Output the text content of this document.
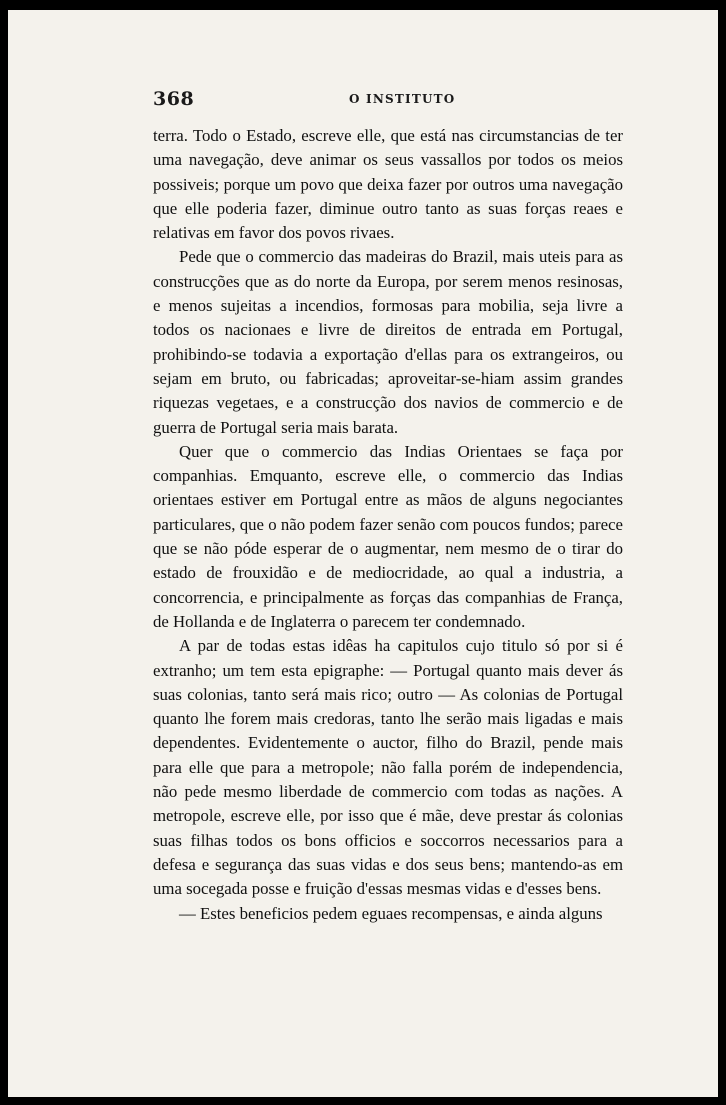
368	O INSTITUTO

terra. Todo o Estado, escreve elle, que está nas circumstancias de ter uma navegação, deve animar os seus vassallos por todos os meios possiveis; porque um povo que deixa fazer por outros uma navegação que elle poderia fazer, diminue outro tanto as suas forças reaes e relativas em favor dos povos rivaes.

Pede que o commercio das madeiras do Brazil, mais uteis para as construcções que as do norte da Europa, por serem menos resinosas, e menos sujeitas a incendios, formosas para mobilia, seja livre a todos os nacionaes e livre de direitos de entrada em Portugal, prohibindo-se todavia a exportação d'ellas para os extrangeiros, ou sejam em bruto, ou fabricadas; aproveitar-se-hiam assim grandes riquezas vegetaes, e a construcção dos navios de commercio e de guerra de Portugal seria mais barata.

Quer que o commercio das Indias Orientaes se faça por companhias. Emquanto, escreve elle, o commercio das Indias orientaes estiver em Portugal entre as mãos de alguns negociantes particulares, que o não podem fazer senão com poucos fundos; parece que se não póde esperar de o augmentar, nem mesmo de o tirar do estado de frouxidão e de mediocridade, ao qual a industria, a concorrencia, e principalmente as forças das companhias de França, de Hollanda e de Inglaterra o parecem ter condemnado.

A par de todas estas idêas ha capitulos cujo titulo só por si é extranho; um tem esta epigraphe: — Portugal quanto mais dever ás suas colonias, tanto será mais rico; outro — As colonias de Portugal quanto lhe forem mais credoras, tanto lhe serão mais ligadas e mais dependentes. Evidentemente o auctor, filho do Brazil, pende mais para elle que para a metropole; não falla porém de independencia, não pede mesmo liberdade de commercio com todas as nações. A metropole, escreve elle, por isso que é mãe, deve prestar ás colonias suas filhas todos os bons officios e soccorros necessarios para a defesa e segurança das suas vidas e dos seus bens; mantendo-as em uma socegada posse e fruição d'essas mesmas vidas e d'esses bens.

— Estes beneficios pedem eguaes recompensas, e ainda alguns
